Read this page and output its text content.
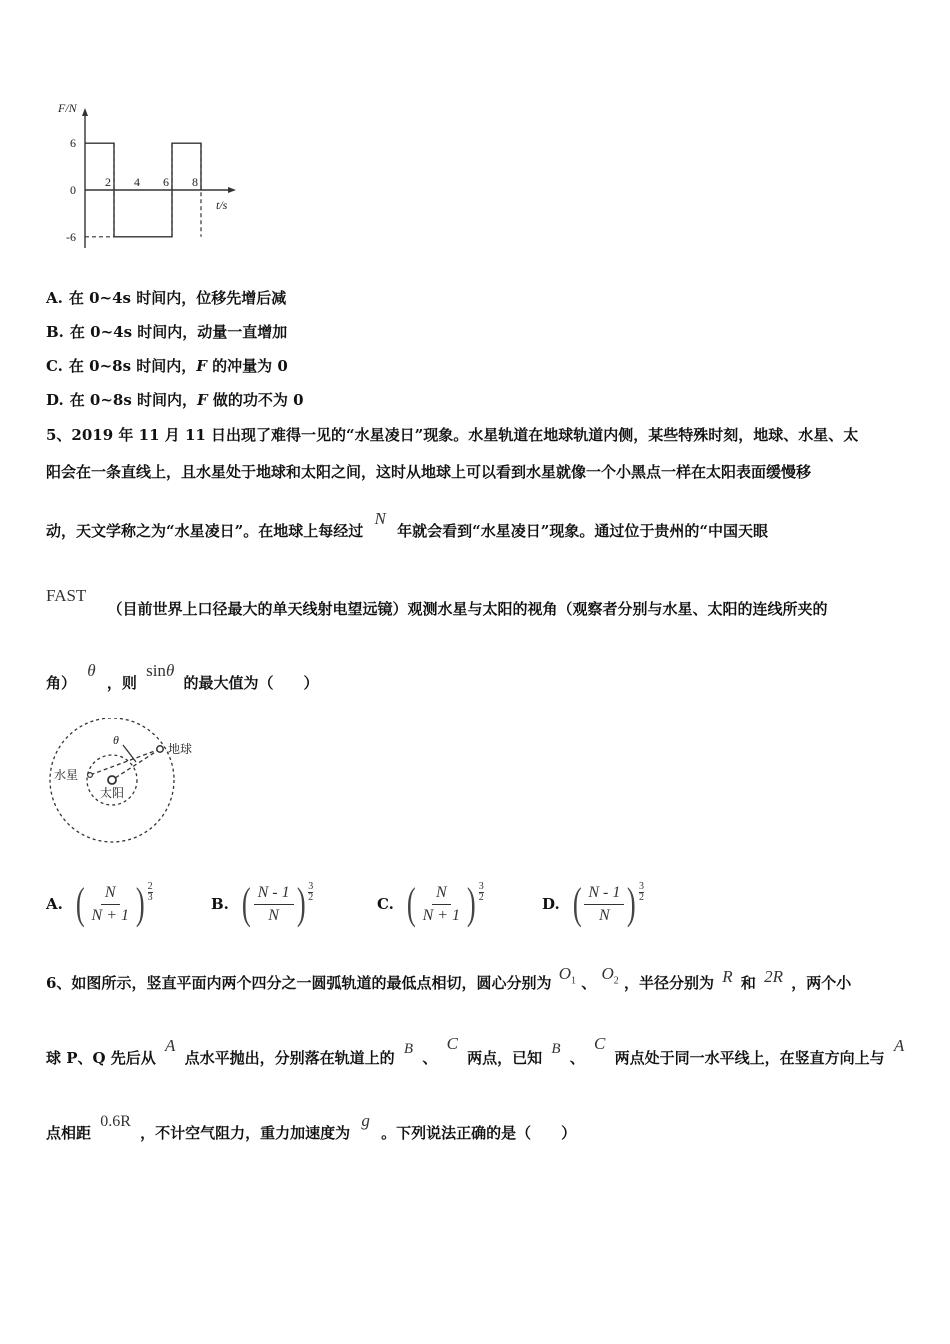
F/N
t/s
6
0
-6
2 4 6 8
A. 在 0~4s 时间内，位移先增后减
B. 在 0~4s 时间内，动量一直增加
C. 在 0~8s 时间内，F 的冲量为 0
D. 在 0~8s 时间内，F 做的功不为 0
5、2019 年 11 月 11 日出现了难得一见的“水星凌日”现象。水星轨道在地球轨道内侧，某些特殊时刻，地球、水星、太
阳会在一条直线上，且水星处于地球和太阳之间，这时从地球上可以看到水星就像一个小黑点一样在太阳表面缓慢移
动，天文学称之为“水星凌日”。在地球上每经过 N 年就会看到“水星凌日”现象。通过位于贵州的“中国天眼
FAST （目前世界上口径最大的单天线射电望远镜）观测水星与太阳的视角（观察者分别与水星、太阳的连线所夹的
角） θ ，则 sinθ 的最大值为（　　）
θ
地球
水星
太阳
A. ( $\frac{N}{N + 1}$ ) $\frac{2}{3}$
B. ( $\frac{N - 1}{N}$ ) $\frac{3}{2}$
C. ( $\frac{N}{N + 1}$ ) $\frac{3}{2}$
D. ( $\frac{N - 1}{N}$ ) $\frac{3}{2}$
6、如图所示，竖直平面内两个四分之一圆弧轨道的最低点相切，圆心分别为 $O_1$ 、 $O_2$ ，半径分别为 R 和 2R ，两个小
球 P、Q 先后从 A 点水平抛出，分别落在轨道上的 B 、 C 两点，已知 B 、 C 两点处于同一水平线上，在竖直方向上与 A
点相距 0.6R ，不计空气阻力，重力加速度为 g 。下列说法正确的是（　　）
